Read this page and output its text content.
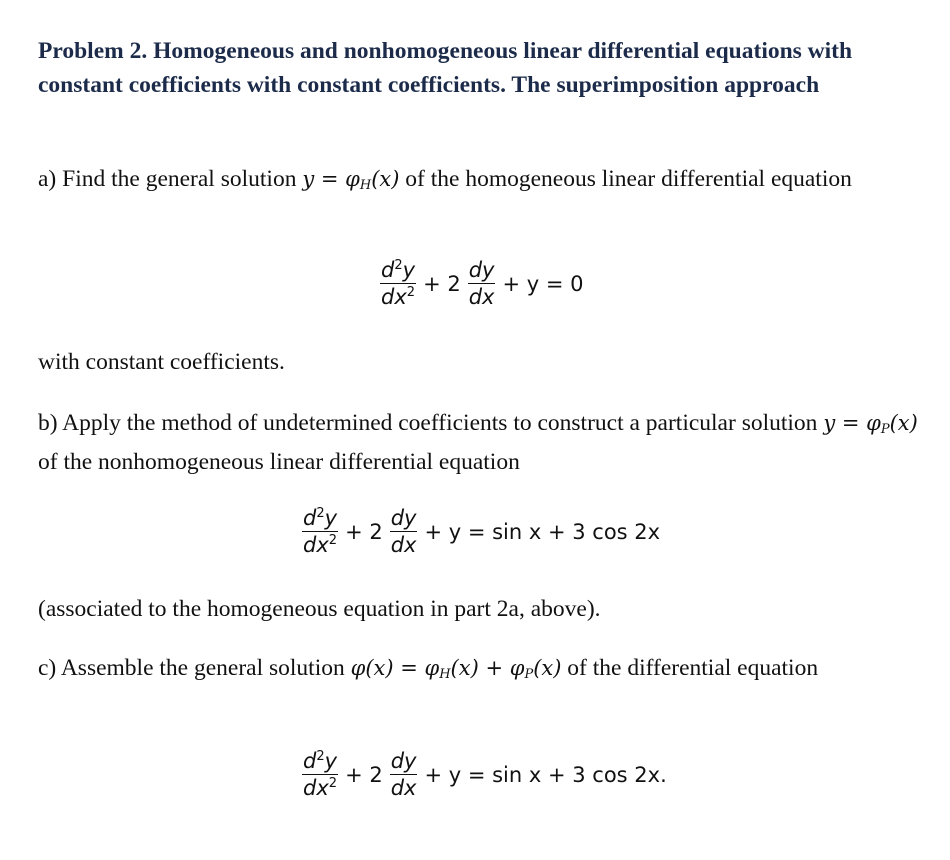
Problem 2. Homogeneous and nonhomogeneous linear differential equations with constant coefficients with constant coefficients. The superimposition approach

a) Find the general solution $y = \varphi_H(x)$ of the homogeneous linear differential equation

$\frac{d^2y}{dx^2} + 2 \frac{dy}{dx} + y = 0$

with constant coefficients.

b) Apply the method of undetermined coefficients to construct a particular solution $y = \varphi_P(x)$ of the nonhomogeneous linear differential equation

$\frac{d^2y}{dx^2} + 2 \frac{dy}{dx} + y = \sin x + 3$ cos 2x

(associated to the homogeneous equation in part 2a, above).

c) Assemble the general solution $\varphi(x) = \varphi_H(x) + \varphi_P(x)$ of the differential equation

$\frac{d^2y}{dx^2} + 2 \frac{dy}{dx} + y = \sin x + 3$ cos 2x.
